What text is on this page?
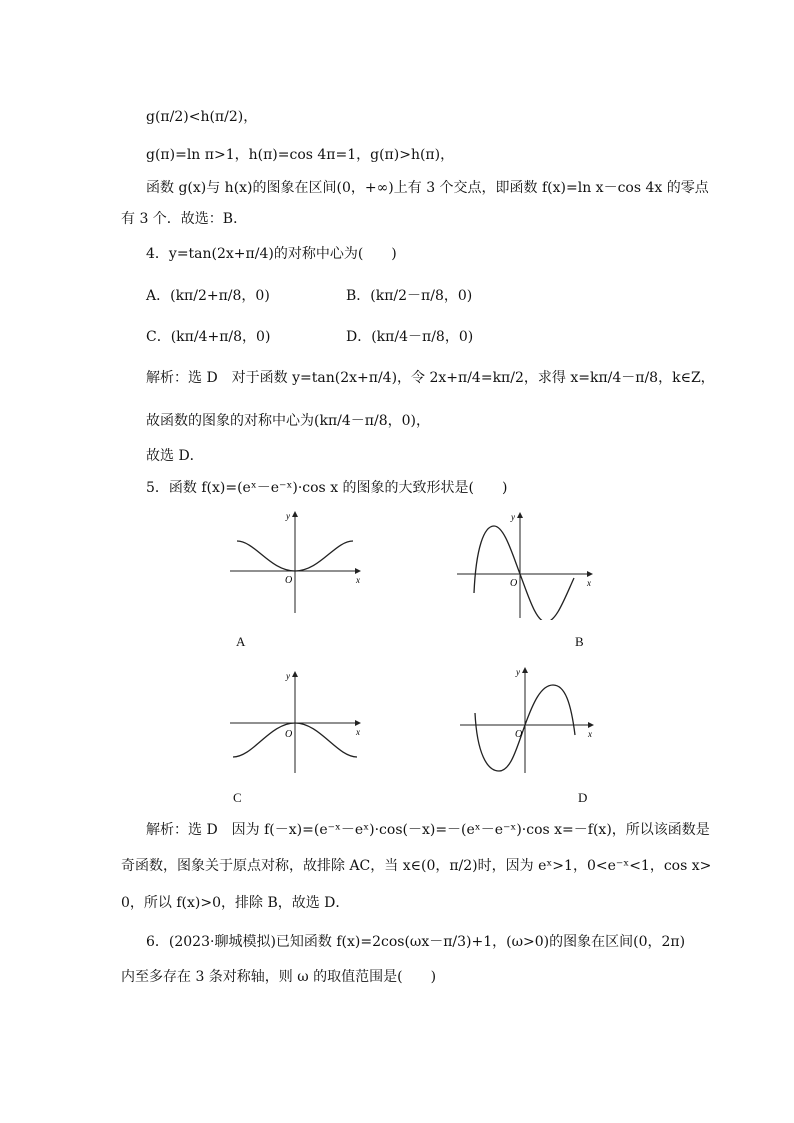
g(π/2)<h(π/2)，
g(π)=ln π>1，h(π)=cos 4π=1，g(π)>h(π)，
函数 g(x)与 h(x)的图象在区间(0，+∞)上有 3 个交点，即函数 f(x)=ln x－cos 4x 的零点
有 3 个．故选：B．
4．y=tan(2x+π/4)的对称中心为(　　)
A．(kπ/2+π/8，0)	B．(kπ/2－π/8，0)
C．(kπ/4+π/8，0)	D．(kπ/4－π/8，0)
解析：选 D　对于函数 y=tan(2x+π/4)，令 2x+π/4=kπ/2，求得 x=kπ/4－π/8，k∈Z，
故函数的图象的对称中心为(kπ/4－π/8，0)，
故选 D．
5．函数 f(x)=(eˣ－e⁻ˣ)·cos x 的图象的大致形状是(　　)
O	x
y
A
O	x
y
B
O	x
y
C
O	x
y
D
解析：选 D　因为 f(－x)=(e⁻ˣ－eˣ)·cos(－x)=－(eˣ－e⁻ˣ)·cos x=－f(x)，所以该函数是
奇函数，图象关于原点对称，故排除 AC，当 x∈(0，π/2)时，因为 eˣ>1，0<e⁻ˣ<1，cos x>
0，所以 f(x)>0，排除 B，故选 D．
6．(2023·聊城模拟)已知函数 f(x)=2cos(ωx－π/3)+1，(ω>0)的图象在区间(0，2π)
内至多存在 3 条对称轴，则 ω 的取值范围是(　　)
